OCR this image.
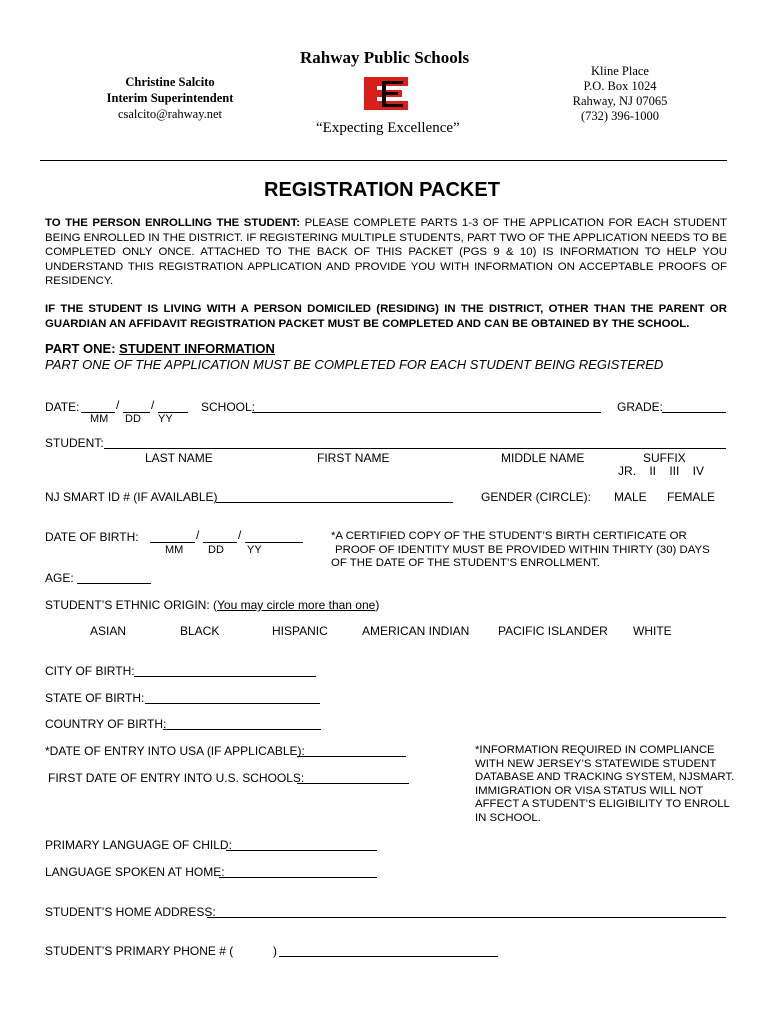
Rahway Public Schools
Christine Salcito
Interim Superintendent
csalcito@rahway.net
Kline Place
P.O. Box 1024
Rahway, NJ 07065
(732) 396-1000
“Expecting Excellence”
REGISTRATION PACKET
TO THE PERSON ENROLLING THE STUDENT: PLEASE COMPLETE PARTS 1-3 OF THE APPLICATION FOR EACH STUDENT BEING ENROLLED IN THE DISTRICT. IF REGISTERING MULTIPLE STUDENTS, PART TWO OF THE APPLICATION NEEDS TO BE COMPLETED ONLY ONCE. ATTACHED TO THE BACK OF THIS PACKET (PGS 9 & 10) IS INFORMATION TO HELP YOU UNDERSTAND THIS REGISTRATION APPLICATION AND PROVIDE YOU WITH INFORMATION ON ACCEPTABLE PROOFS OF RESIDENCY.
IF THE STUDENT IS LIVING WITH A PERSON DOMICILED (RESIDING) IN THE DISTRICT, OTHER THAN THE PARENT OR GUARDIAN AN AFFIDAVIT REGISTRATION PACKET MUST BE COMPLETED AND CAN BE OBTAINED BY THE SCHOOL.
PART ONE: STUDENT INFORMATION
PART ONE OF THE APPLICATION MUST BE COMPLETED FOR EACH STUDENT BEING REGISTERED
DATE:	/	/
MM DD YY
SCHOOL:	GRADE:
STUDENT:
LAST NAME	FIRST NAME	MIDDLE NAME	SUFFIX
JR.    II    III    IV
NJ SMART ID # (IF AVAILABLE)	GENDER (CIRCLE): MALE FEMALE
DATE OF BIRTH:	/	/
MM DD YY
*A CERTIFIED COPY OF THE STUDENT’S BIRTH CERTIFICATE OR
PROOF OF IDENTITY MUST BE PROVIDED WITHIN THIRTY (30) DAYS
OF THE DATE OF THE STUDENT’S ENROLLMENT.
AGE:
STUDENT’S ETHNIC ORIGIN: (You may circle more than one)
ASIAN	BLACK	HISPANIC	AMERICAN INDIAN PACIFIC ISLANDER WHITE
CITY OF BIRTH:
STATE OF BIRTH:
COUNTRY OF BIRTH:
*DATE OF ENTRY INTO USA (IF APPLICABLE):
FIRST DATE OF ENTRY INTO U.S. SCHOOLS:
*INFORMATION REQUIRED IN COMPLIANCE
WITH NEW JERSEY’S STATEWIDE STUDENT
DATABASE AND TRACKING SYSTEM, NJSMART.
IMMIGRATION OR VISA STATUS WILL NOT
AFFECT A STUDENT’S ELIGIBILITY TO ENROLL
IN SCHOOL.
PRIMARY LANGUAGE OF CHILD:
LANGUAGE SPOKEN AT HOME:
STUDENT’S HOME ADDRESS:
STUDENT’S PRIMARY PHONE # (	)
